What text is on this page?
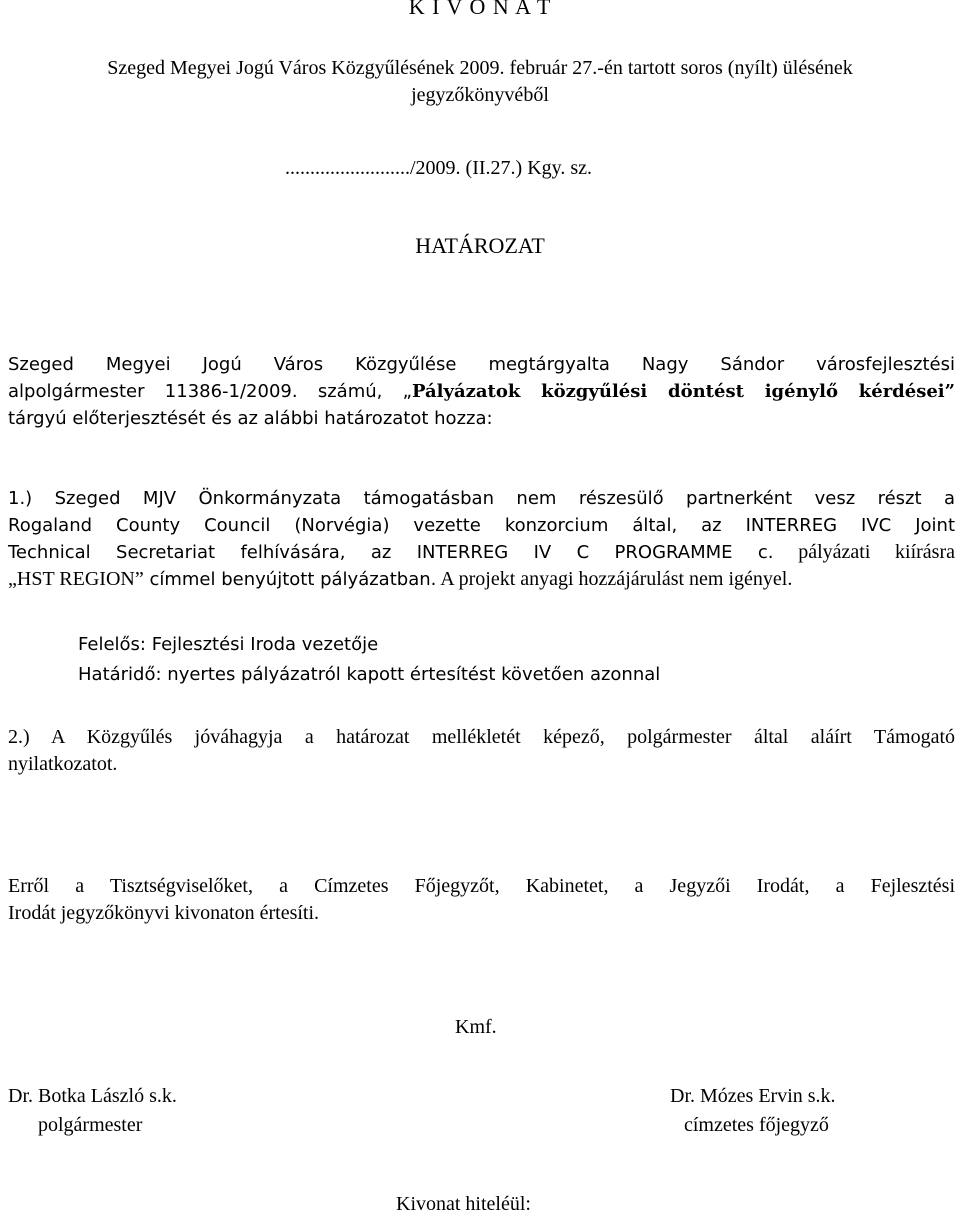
K I V O N A T
Szeged Megyei Jogú Város Közgyűlésének 2009. február 27.-én tartott soros (nyílt) ülésének
jegyzőkönyvéből
........................./2009. (II.27.) Kgy. sz.
HATÁROZAT
Szeged Megyei Jogú Város Közgyűlése megtárgyalta Nagy Sándor városfejlesztési
alpolgármester 11386-1/2009. számú, „Pályázatok közgyűlési döntést igénylő kérdései”
tárgyú előterjesztését és az alábbi határozatot hozza:
1.) Szeged MJV Önkormányzata támogatásban nem részesülő partnerként vesz részt a
Rogaland County Council (Norvégia) vezette konzorcium által, az INTERREG IVC Joint
Technical Secretariat felhívására, az INTERREG IV C PROGRAMME c. pályázati kiírásra
„HST REGION” címmel benyújtott pályázatban. A projekt anyagi hozzájárulást nem igényel.
Felelős: Fejlesztési Iroda vezetője
Határidő: nyertes pályázatról kapott értesítést követően azonnal
2.) A Közgyűlés jóváhagyja a határozat mellékletét képező, polgármester által aláírt Támogató
nyilatkozatot.
Erről a Tisztségviselőket, a Címzetes Főjegyzőt, Kabinetet, a Jegyzői Irodát, a Fejlesztési
Irodát jegyzőkönyvi kivonaton értesíti.
Kmf.
Dr. Botka László s.k.
polgármester
Dr. Mózes Ervin s.k.
címzetes főjegyző
Kivonat hiteléül:
